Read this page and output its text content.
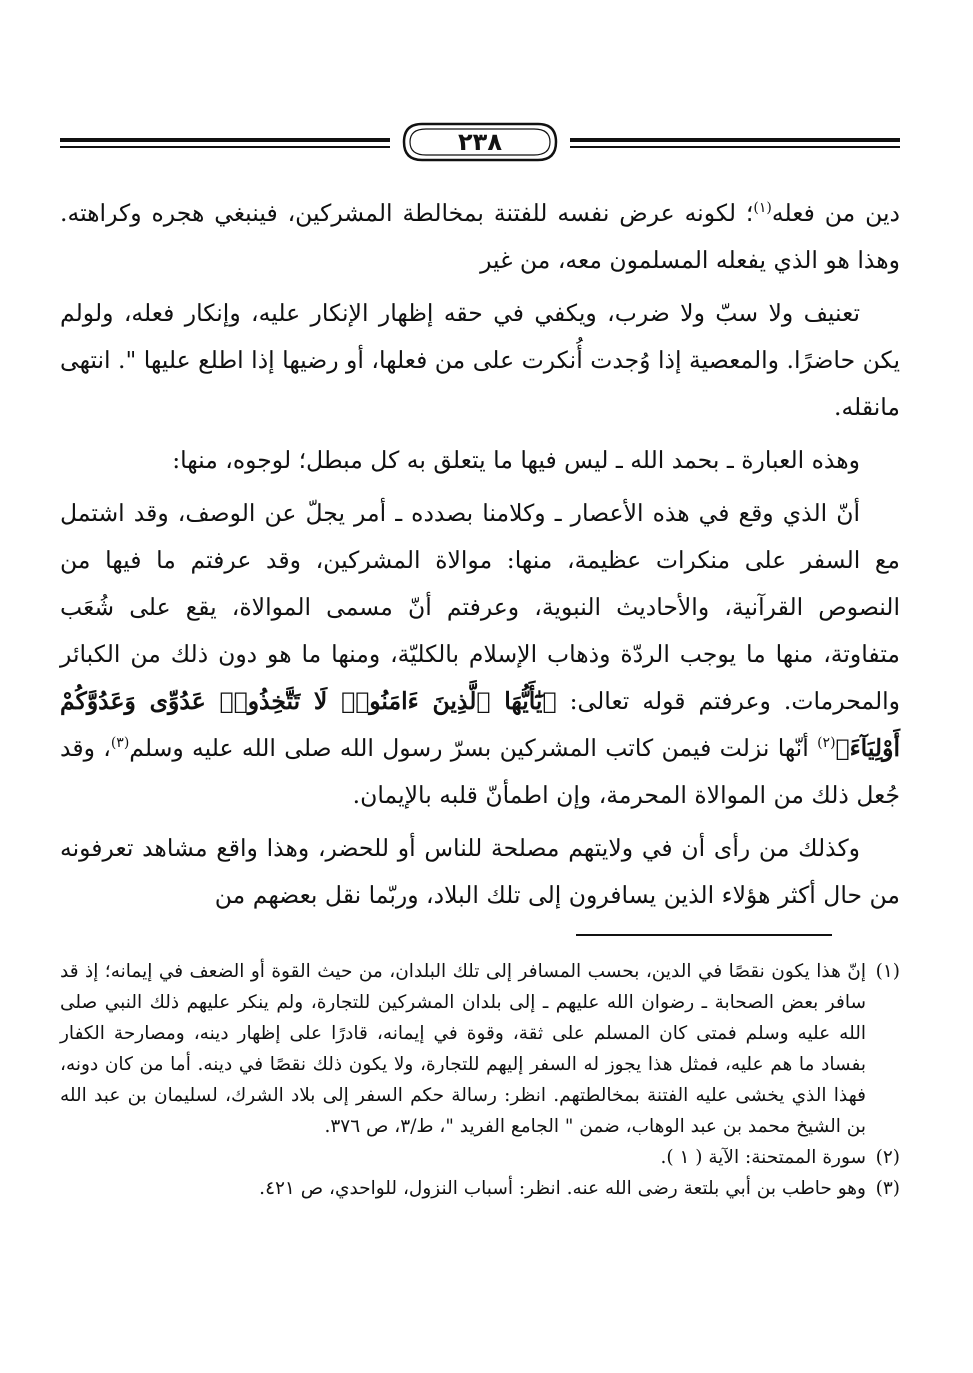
٢٣٨

دين من فعله$^{(١)}$؛ لكونه عرض نفسه للفتنة بمخالطة المشركين، فينبغي هجره وكراهته. وهذا هو الذي يفعله المسلمون معه، من غير

تعنيف ولا سبّ ولا ضرب، ويكفي في حقه إظهار الإنكار عليه، وإنكار فعله، ولولم يكن حاضرًا. والمعصية إذا وُجدت أُنكرت على من فعلها، أو رضيها إذا اطلع عليها ". انتهى مانقله.

وهذه العبارة ـ بحمد الله ـ ليس فيها ما يتعلق به كل مبطل؛ لوجوه، منها:

أنّ الذي وقع في هذه الأعصار ـ وكلامنا بصدده ـ أمر يجلّ عن الوصف، وقد اشتمل مع السفر على منكرات عظيمة، منها: موالاة المشركين، وقد عرفتم ما فيها من النصوص القرآنية، والأحاديث النبوية، وعرفتم أنّ مسمى الموالاة، يقع على شُعَب متفاوتة، منها ما يوجب الردّة وذهاب الإسلام بالكليّة، ومنها ما هو دون ذلك من الكبائر والمحرمات. وعرفتم قوله تعالى: ﴿يَٰٓأَيُّهَا ٱلَّذِينَ ءَامَنُوا۟ لَا تَتَّخِذُوا۟ عَدُوِّى وَعَدُوَّكُمْ أَوْلِيَآءَ﴾$^{(٢)}$ أنّها نزلت فيمن كاتب المشركين بسرّ رسول الله صلى الله عليه وسلم$^{(٣)}$، وقد جُعل ذلك من الموالاة المحرمة، وإن اطمأنّ قلبه بالإيمان.

وكذلك من رأى أن في ولايتهم مصلحة للناس أو للحضر، وهذا واقع مشاهد تعرفونه من حال أكثر هؤلاء الذين يسافرون إلى تلك البلاد، وربّما نقل بعضهم من

(١)
إنّ هذا يكون نقصًا في الدين، بحسب المسافر إلى تلك البلدان، من حيث القوة أو الضعف في إيمانه؛ إذ قد سافر بعض الصحابة ـ رضوان الله عليهم ـ إلى بلدان المشركين للتجارة، ولم ينكر عليهم ذلك النبي صلى الله عليه وسلم فمتى كان المسلم على ثقة، وقوة في إيمانه، قادرًا على إظهار دينه، ومصارحة الكفار بفساد ما هم عليه، فمثل هذا يجوز له السفر إليهم للتجارة، ولا يكون ذلك نقصًا في دينه. أما من كان دونه، فهذا الذي يخشى عليه الفتنة بمخالطتهم. انظر: رسالة حكم السفر إلى بلاد الشرك، لسليمان بن عبد الله بن الشيخ محمد بن عبد الوهاب، ضمن " الجامع الفريد "، ط/٣، ص ٣٧٦.

(٢)
سورة الممتحنة: الآية ( ١ ).

(٣)
وهو حاطب بن أبي بلتعة رضى الله عنه. انظر: أسباب النزول، للواحدي، ص ٤٢١.
